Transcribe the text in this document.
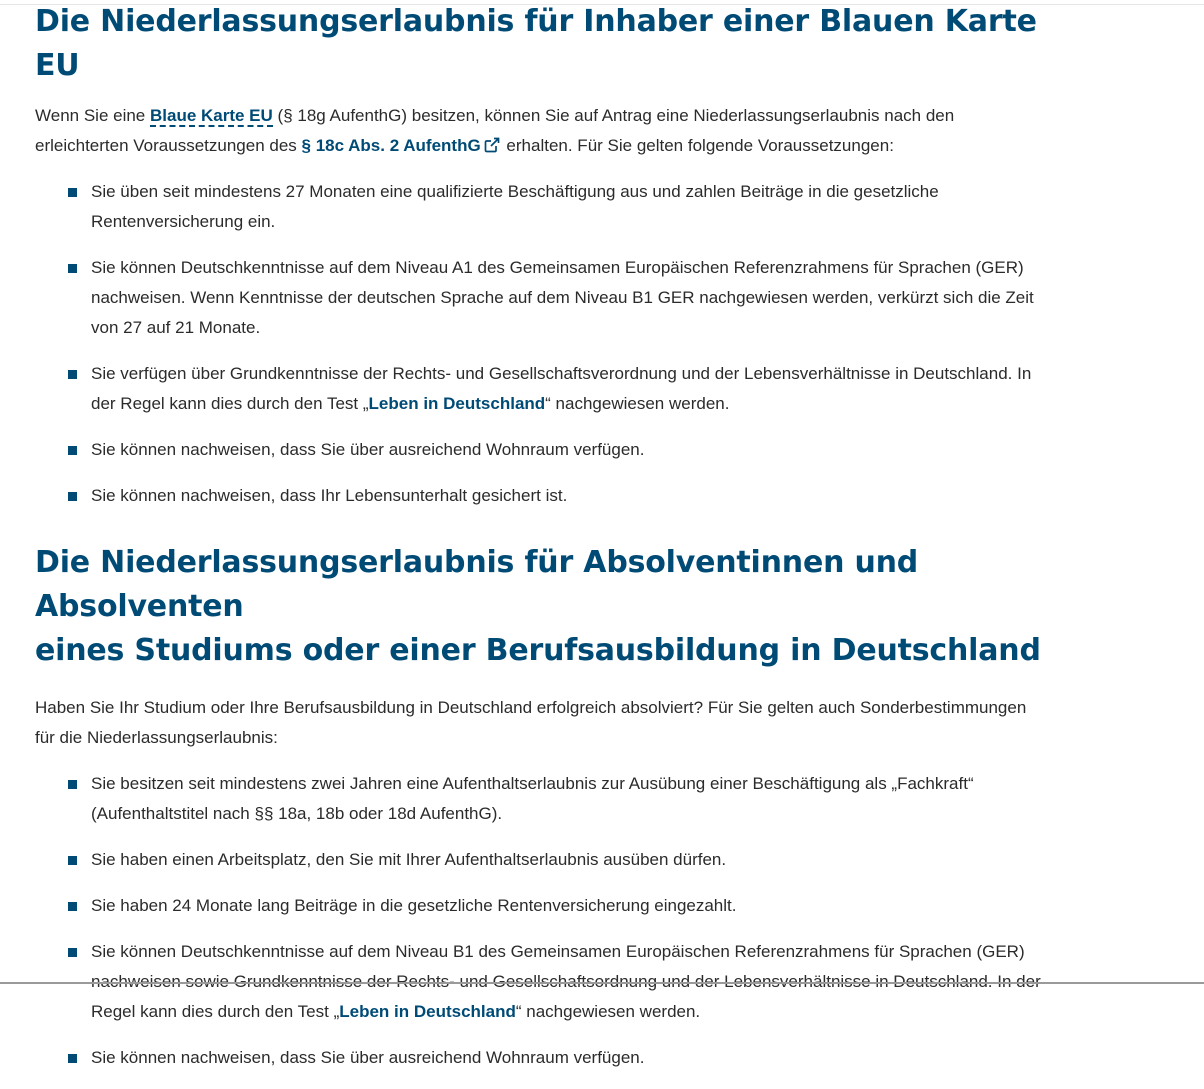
Die Niederlassungserlaubnis für Inhaber einer Blauen Karte EU

Wenn Sie eine Blaue Karte EU (§ 18g AufenthG) besitzen, können Sie auf Antrag eine Niederlassungserlaubnis nach den erleichterten Voraussetzungen des § 18c Abs. 2 AufenthG erhalten. Für Sie gelten folgende Voraussetzungen:

Sie üben seit mindestens 27 Monaten eine qualifizierte Beschäftigung aus und zahlen Beiträge in die gesetzliche Rentenversicherung ein.
Sie können Deutschkenntnisse auf dem Niveau A1 des Gemeinsamen Europäischen Referenzrahmens für Sprachen (GER) nachweisen. Wenn Kenntnisse der deutschen Sprache auf dem Niveau B1 GER nachgewiesen werden, verkürzt sich die Zeit von 27 auf 21 Monate.
Sie verfügen über Grundkenntnisse der Rechts- und Gesellschaftsverordnung und der Lebensverhältnisse in Deutschland. In der Regel kann dies durch den Test „Leben in Deutschland“ nachgewiesen werden.
Sie können nachweisen, dass Sie über ausreichend Wohnraum verfügen.
Sie können nachweisen, dass Ihr Lebensunterhalt gesichert ist.
Die Niederlassungserlaubnis für Absolventinnen und Absolventen
eines Studiums oder einer Berufsausbildung in Deutschland

Haben Sie Ihr Studium oder Ihre Berufsausbildung in Deutschland erfolgreich absolviert? Für Sie gelten auch Sonderbestimmungen für die Niederlassungserlaubnis:

Sie besitzen seit mindestens zwei Jahren eine Aufenthaltserlaubnis zur Ausübung einer Beschäftigung als „Fachkraft“ (Aufenthaltstitel nach §§ 18a, 18b oder 18d AufenthG).
Sie haben einen Arbeitsplatz, den Sie mit Ihrer Aufenthaltserlaubnis ausüben dürfen.
Sie haben 24 Monate lang Beiträge in die gesetzliche Rentenversicherung eingezahlt.
Sie können Deutschkenntnisse auf dem Niveau B1 des Gemeinsamen Europäischen Referenzrahmens für Sprachen (GER) Regel kann dies durch den Test „Leben in Deutschland“ nachgewiesen werden.
Sie können nachweisen, dass Sie über ausreichend Wohnraum verfügen.
